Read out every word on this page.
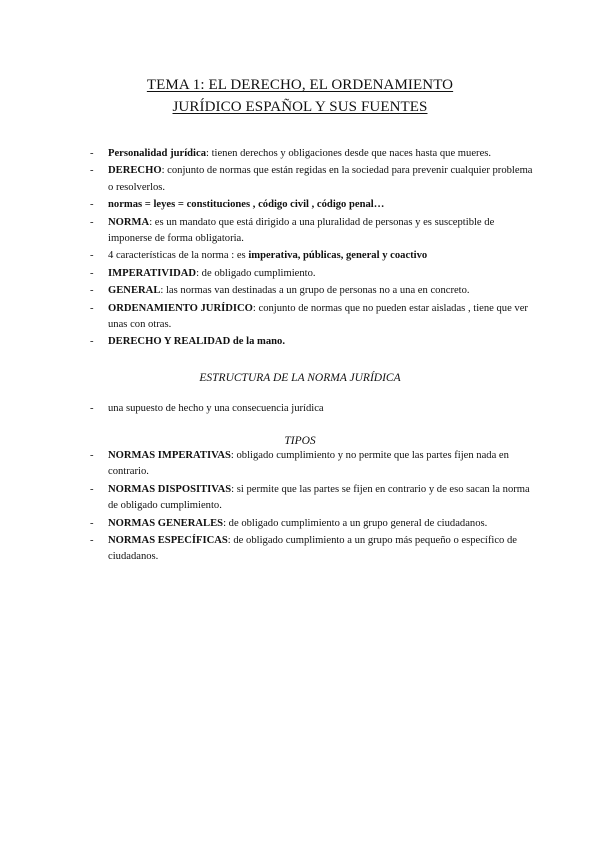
TEMA 1: EL DERECHO, EL ORDENAMIENTO
JURÍDICO ESPAÑOL Y SUS FUENTES
- Personalidad jurídica: tienen derechos y obligaciones desde que naces hasta que mueres.
- DERECHO: conjunto de normas que están regidas en la sociedad para prevenir cualquier problema o resolverlos.
- normas = leyes = constituciones , código civil , código penal…
- NORMA: es un mandato que está dirigido a una pluralidad de personas y es susceptible de imponerse de forma obligatoria.
- 4 características de la norma : es imperativa, públicas, general y coactivo
- IMPERATIVIDAD: de obligado cumplimiento.
- GENERAL: las normas van destinadas a un grupo de personas no a una en concreto.
- ORDENAMIENTO JURÍDICO: conjunto de normas que no pueden estar aisladas , tiene que ver unas con otras.
- DERECHO Y REALIDAD de la mano.
ESTRUCTURA DE LA NORMA JURÍDICA
- una supuesto de hecho y una consecuencia jurídica
TIPOS
- NORMAS IMPERATIVAS: obligado cumplimiento y no permite que las partes fijen nada en contrario.
- NORMAS DISPOSITIVAS: si permite que las partes se fijen en contrario y de eso sacan la norma de obligado cumplimiento.
- NORMAS GENERALES: de obligado cumplimiento a un grupo general de ciudadanos.
- NORMAS ESPECÍFICAS: de obligado cumplimiento a un grupo más pequeño o específico de ciudadanos.
